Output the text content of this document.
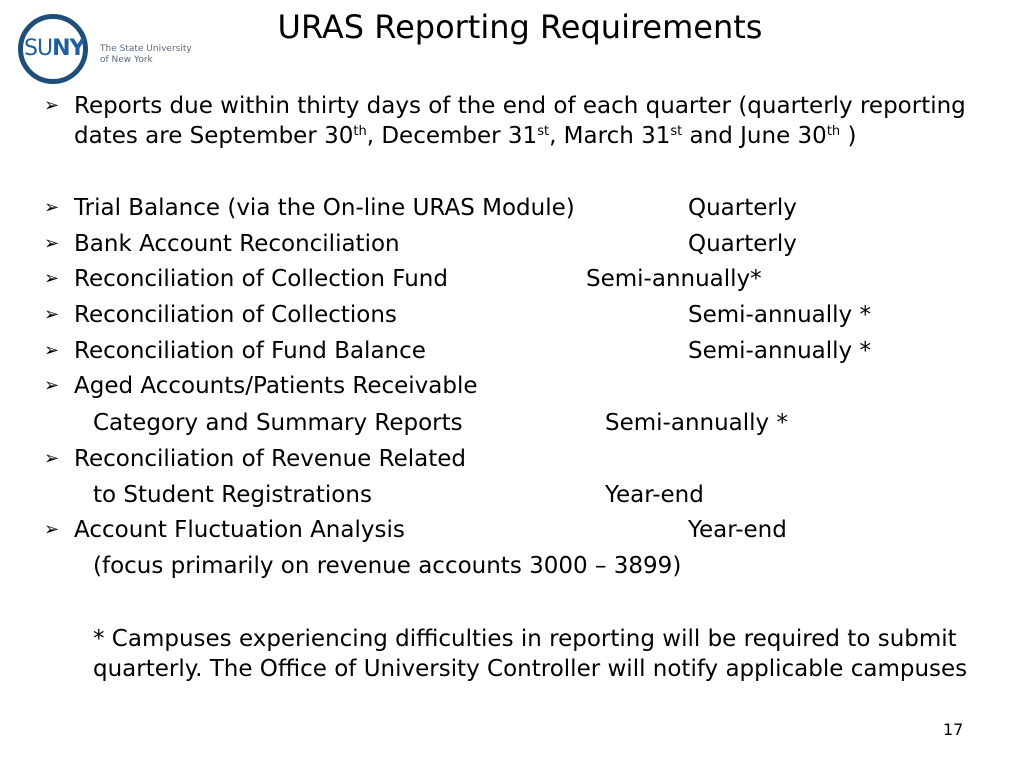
SUNY The State University
of New York
URAS Reporting Requirements
➢ Reports due within thirty days of the end of each quarter (quarterly reporting
dates are September 30th, December 31st, March 31st and June 30th )
➢ Trial Balance (via the On-line URAS Module)	Quarterly
➢ Bank Account Reconciliation	Quarterly
➢ Reconciliation of Collection Fund	Semi-annually*
➢ Reconciliation of Collections	Semi-annually *
➢ Reconciliation of Fund Balance	Semi-annually *
➢ Aged Accounts/Patients Receivable
Category and Summary Reports	Semi-annually *
➢ Reconciliation of Revenue Related
to Student Registrations	Year-end
➢ Account Fluctuation Analysis	Year-end
(focus primarily on revenue accounts 3000 – 3899)
* Campuses experiencing difficulties in reporting will be required to submit
quarterly. The Office of University Controller will notify applicable campuses
17
